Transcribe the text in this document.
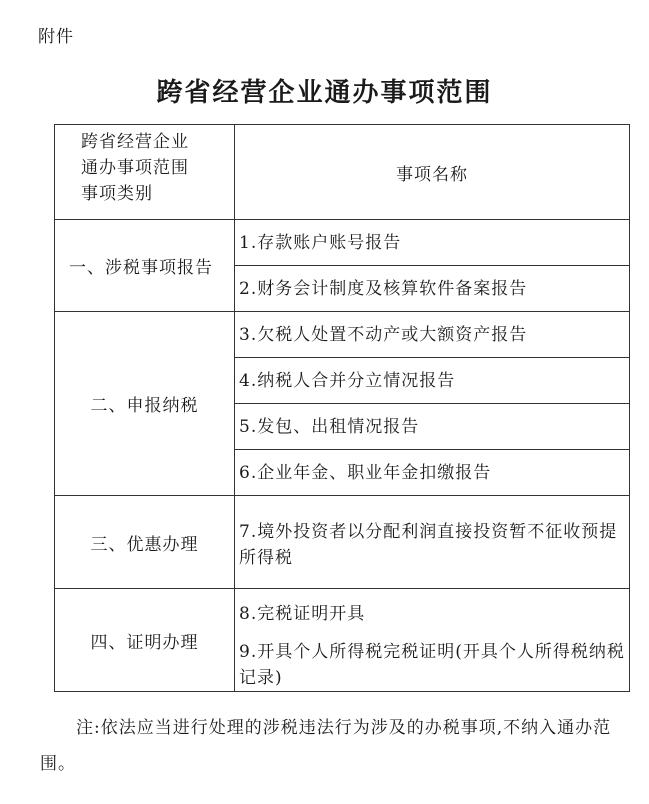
附件
跨省经营企业通办事项范围
跨省经营企业
通办事项范围
事项类别	事项名称
一、涉税事项报告	1.存款账户账号报告
	2.财务会计制度及核算软件备案报告
二、申报纳税	3.欠税人处置不动产或大额资产报告
	4.纳税人合并分立情况报告
	5.发包、出租情况报告
	6.企业年金、职业年金扣缴报告
三、优惠办理	7.境外投资者以分配利润直接投资暂不征收预提所得税
四、证明办理	8.完税证明开具
	9.开具个人所得税完税证明(开具个人所得税纳税记录)
注:依法应当进行处理的涉税违法行为涉及的办税事项,不纳入通办范围。
